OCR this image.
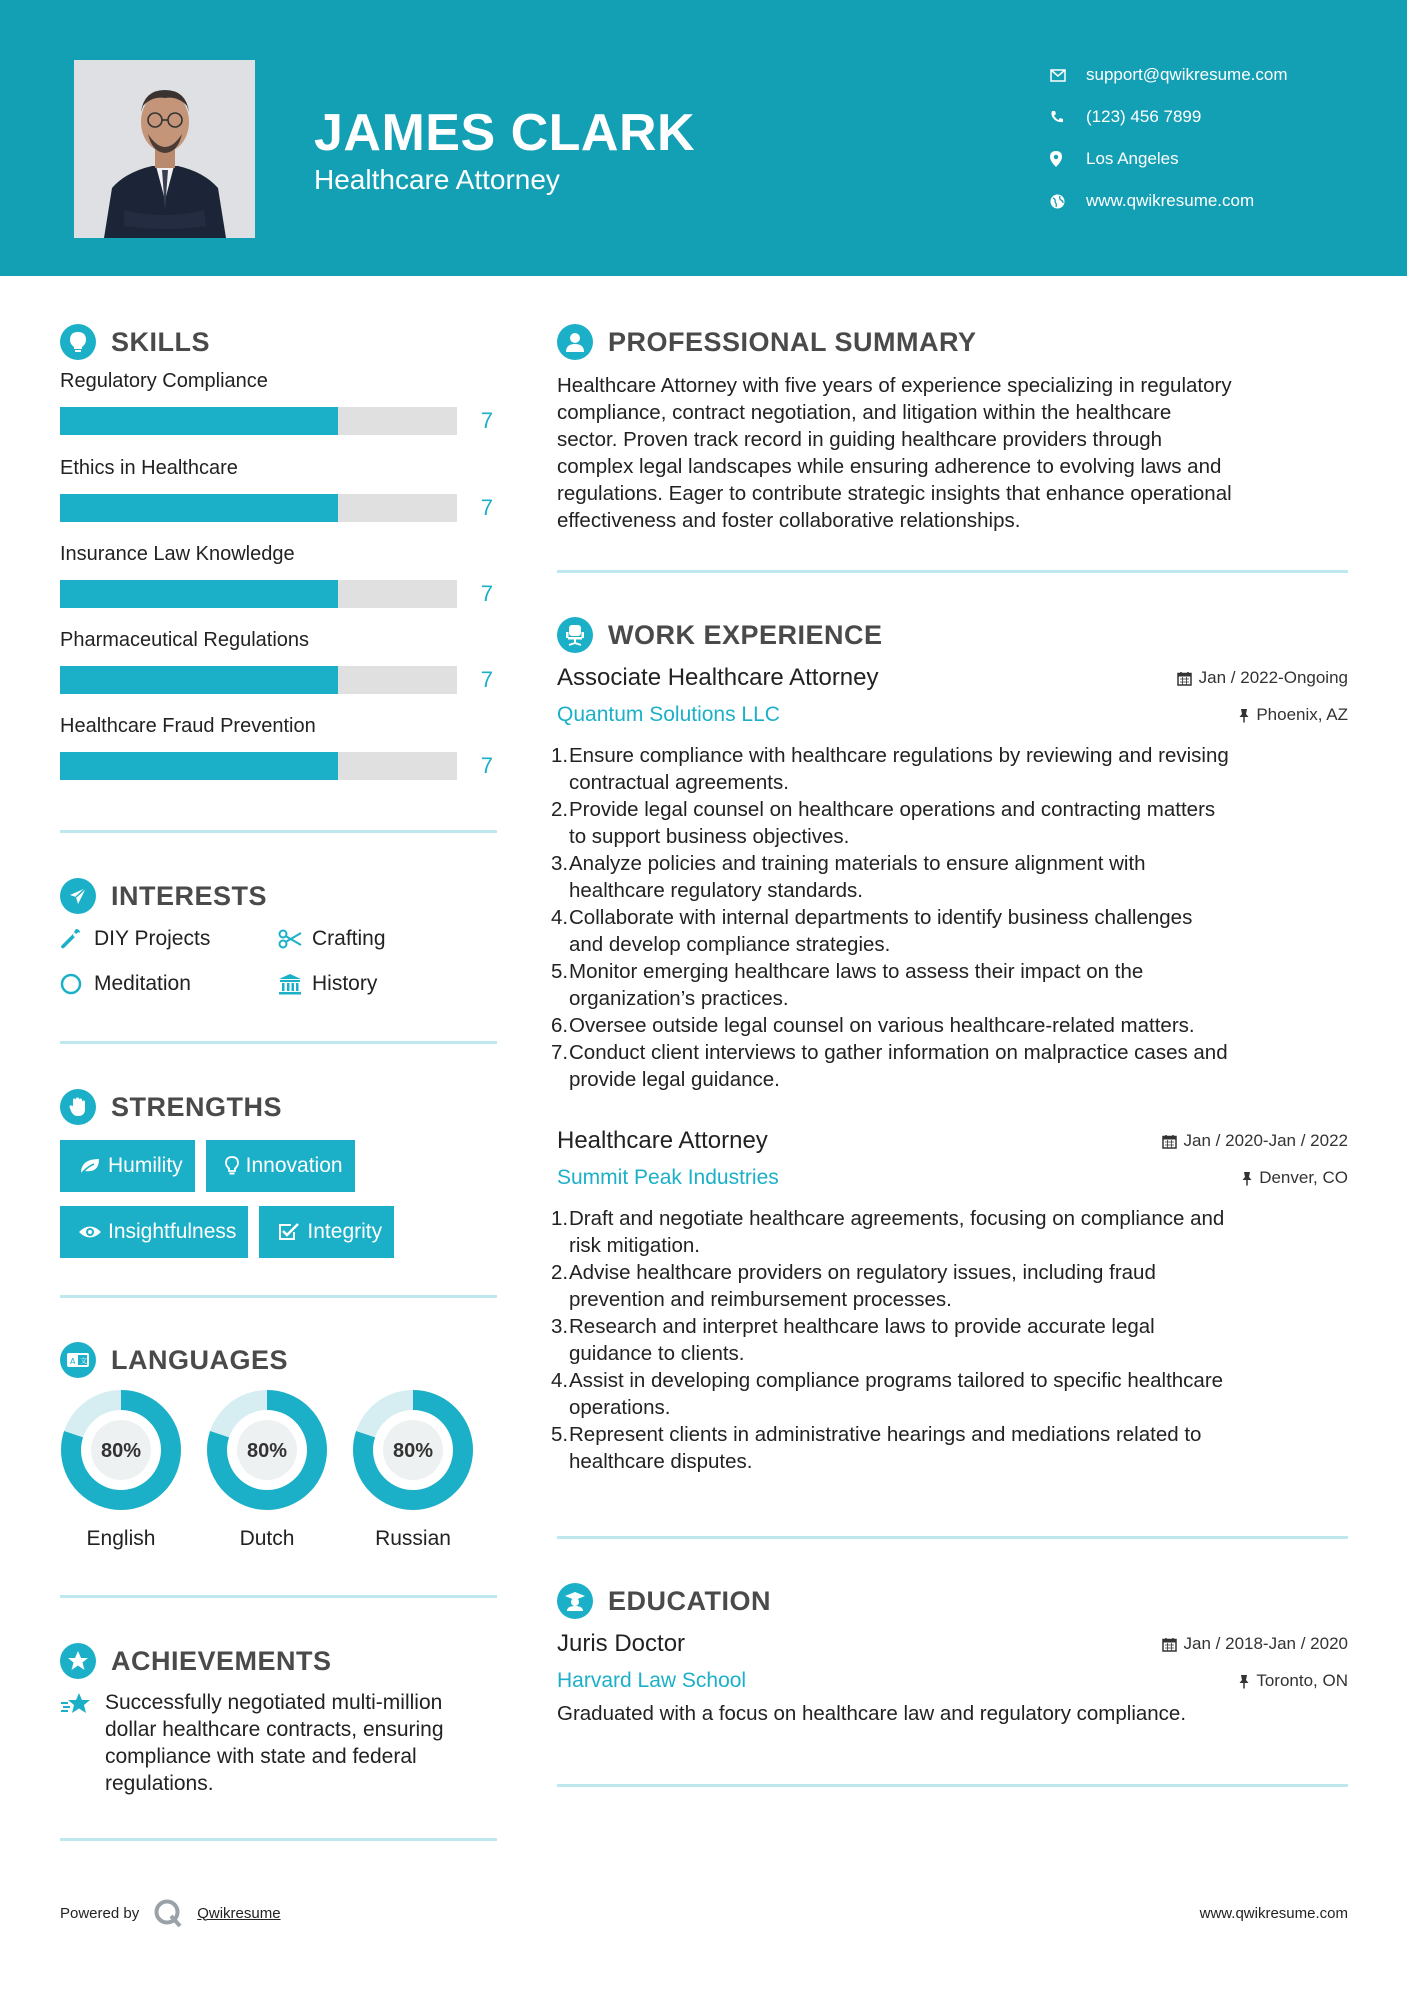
JAMES CLARK
Healthcare Attorney
support@qwikresume.com
(123) 456 7899
Los Angeles
www.qwikresume.com
SKILLS
Regulatory Compliance
7
Ethics in Healthcare
7
Insurance Law Knowledge
7
Pharmaceutical Regulations
7
Healthcare Fraud Prevention
7
INTERESTS
DIY Projects	Crafting
Meditation	History
STRENGTHS
Humility	Innovation
Insightfulness	Integrity
A 文 LANGUAGES
80%
English
80%
Dutch
80%
Russian
ACHIEVEMENTS
Successfully negotiated multi-million
dollar healthcare contracts, ensuring
compliance with state and federal
regulations.
PROFESSIONAL SUMMARY
Healthcare Attorney with five years of experience specializing in regulatory
compliance, contract negotiation, and litigation within the healthcare
sector. Proven track record in guiding healthcare providers through
complex legal landscapes while ensuring adherence to evolving laws and
regulations. Eager to contribute strategic insights that enhance operational
effectiveness and foster collaborative relationships.
WORK EXPERIENCE
Associate Healthcare Attorney	Jan / 2022-Ongoing
Quantum Solutions LLC	Phoenix, AZ
1. Ensure compliance with healthcare regulations by reviewing and revising
contractual agreements.
2. Provide legal counsel on healthcare operations and contracting matters
to support business objectives.
3. Analyze policies and training materials to ensure alignment with
healthcare regulatory standards.
4. Collaborate with internal departments to identify business challenges
and develop compliance strategies.
5. Monitor emerging healthcare laws to assess their impact on the
organization’s practices.
6. Oversee outside legal counsel on various healthcare-related matters.
7. Conduct client interviews to gather information on malpractice cases and
provide legal guidance.
Healthcare Attorney	Jan / 2020-Jan / 2022
Summit Peak Industries	Denver, CO
1. Draft and negotiate healthcare agreements, focusing on compliance and
risk mitigation.
2. Advise healthcare providers on regulatory issues, including fraud
prevention and reimbursement processes.
3. Research and interpret healthcare laws to provide accurate legal
guidance to clients.
4. Assist in developing compliance programs tailored to specific healthcare
operations.
5. Represent clients in administrative hearings and mediations related to
healthcare disputes.
EDUCATION
Juris Doctor	Jan / 2018-Jan / 2020
Harvard Law School	Toronto, ON
Graduated with a focus on healthcare law and regulatory compliance.
Powered by	Qwikresume	www.qwikresume.com
